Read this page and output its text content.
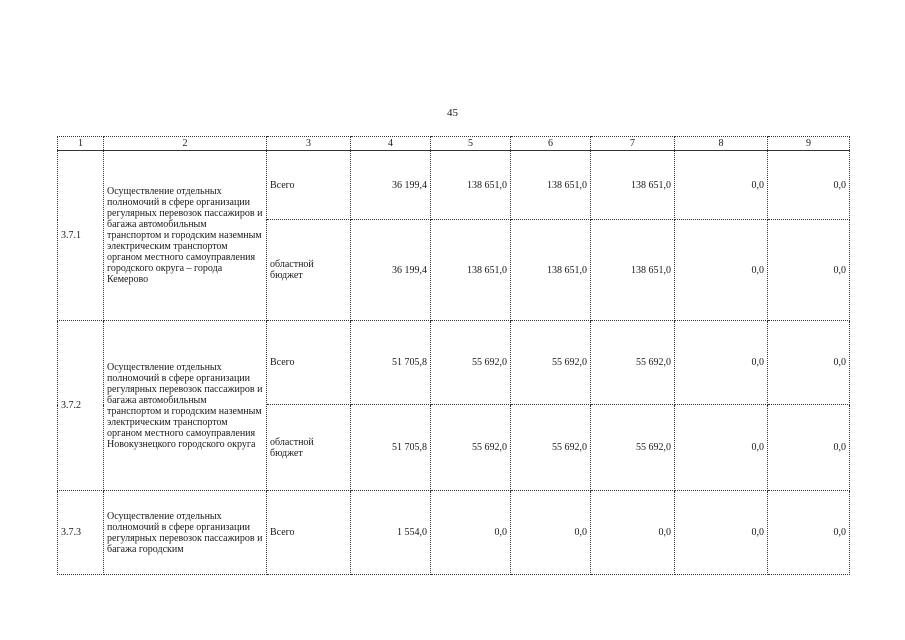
45
1	2	3	4	5	6	7	8	9
3.7.1	Осуществление отдельных полномочий в сфере организации регулярных перевозок пассажиров и багажа автомобильным транспортом и городским наземным электрическим транспортом органом местного самоуправления городского округа – города Кемерово	Всего	36 199,4	138 651,0	138 651,0	138 651,0	0,0	0,0
		областной бюджет	36 199,4	138 651,0	138 651,0	138 651,0	0,0	0,0
3.7.2	Осуществление отдельных полномочий в сфере организации регулярных перевозок пассажиров и багажа автомобильным транспортом и городским наземным электрическим транспортом органом местного самоуправления Новокузнецкого городского округа	Всего	51 705,8	55 692,0	55 692,0	55 692,0	0,0	0,0
		областной бюджет	51 705,8	55 692,0	55 692,0	55 692,0	0,0	0,0
3.7.3	Осуществление отдельных полномочий в сфере организации регулярных перевозок пассажиров и багажа городским	Всего	1 554,0	0,0	0,0	0,0	0,0	0,0
